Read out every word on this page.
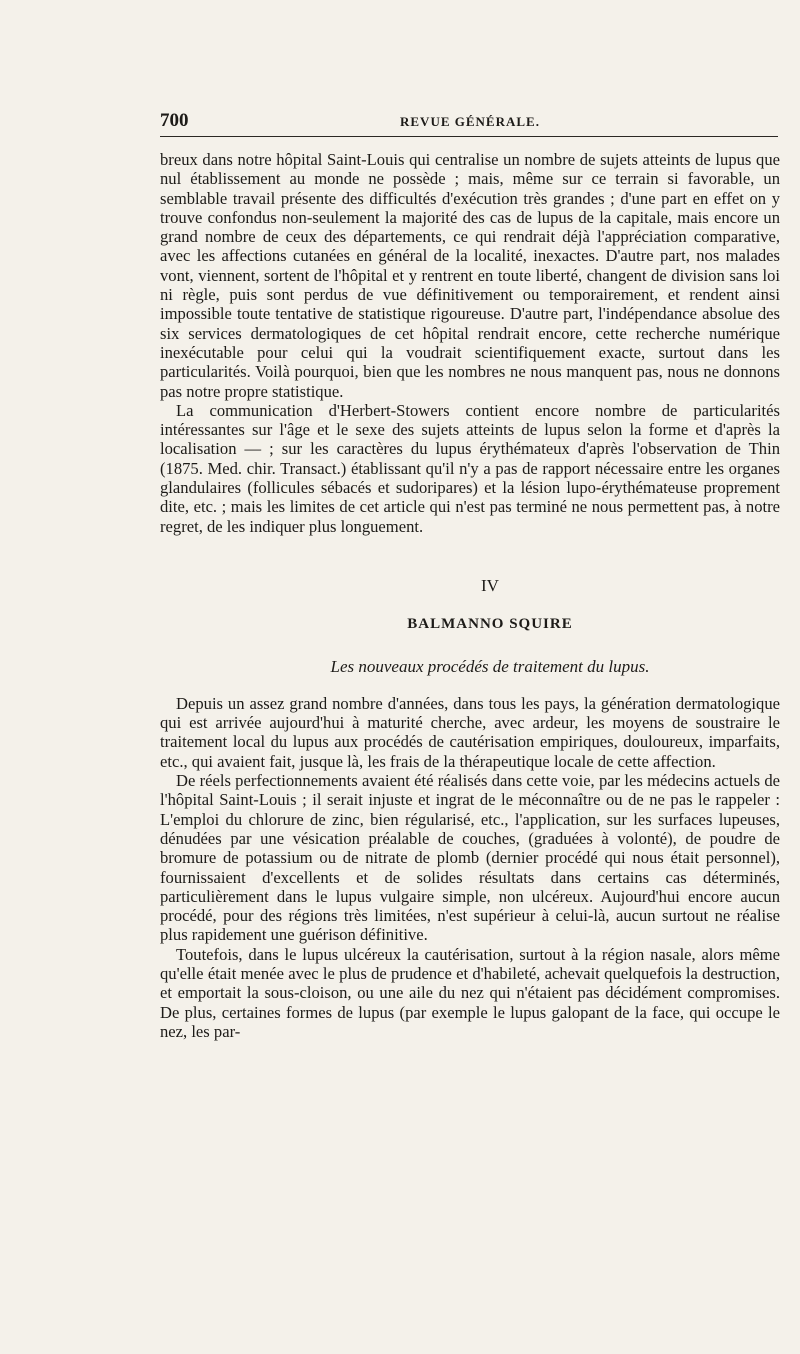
700	REVUE GÉNÉRALE.

breux dans notre hôpital Saint-Louis qui centralise un nombre de sujets atteints de lupus que nul établissement au monde ne possède ; mais, même sur ce terrain si favorable, un semblable travail présente des difficultés d'exécution très grandes ; d'une part en effet on y trouve confondus non-seulement la majorité des cas de lupus de la capitale, mais encore un grand nombre de ceux des départements, ce qui rendrait déjà l'appréciation comparative, avec les affections cutanées en général de la localité, inexactes. D'autre part, nos malades vont, viennent, sortent de l'hôpital et y rentrent en toute liberté, changent de division sans loi ni règle, puis sont perdus de vue définitivement ou temporairement, et rendent ainsi impossible toute tentative de statistique rigoureuse. D'autre part, l'indépendance absolue des six services dermatologiques de cet hôpital rendrait encore, cette recherche numérique inexécutable pour celui qui la voudrait scientifiquement exacte, surtout dans les particularités. Voilà pourquoi, bien que les nombres ne nous manquent pas, nous ne donnons pas notre propre statistique.

La communication d'Herbert-Stowers contient encore nombre de particularités intéressantes sur l'âge et le sexe des sujets atteints de lupus selon la forme et d'après la localisation — ; sur les caractères du lupus érythémateux d'après l'observation de Thin (1875. Med. chir. Transact.) établissant qu'il n'y a pas de rapport nécessaire entre les organes glandulaires (follicules sébacés et sudoripares) et la lésion lupo-érythémateuse proprement dite, etc. ; mais les limites de cet article qui n'est pas terminé ne nous permettent pas, à notre regret, de les indiquer plus longuement.

IV
BALMANNO SQUIRE
Les nouveaux procédés de traitement du lupus.

Depuis un assez grand nombre d'années, dans tous les pays, la génération dermatologique qui est arrivée aujourd'hui à maturité cherche, avec ardeur, les moyens de soustraire le traitement local du lupus aux procédés de cautérisation empiriques, douloureux, imparfaits, etc., qui avaient fait, jusque là, les frais de la thérapeutique locale de cette affection.

De réels perfectionnements avaient été réalisés dans cette voie, par les médecins actuels de l'hôpital Saint-Louis ; il serait injuste et ingrat de le méconnaître ou de ne pas le rappeler : L'emploi du chlorure de zinc, bien régularisé, etc., l'application, sur les surfaces lupeuses, dénudées par une vésication préalable de couches, (graduées à volonté), de poudre de bromure de potassium ou de nitrate de plomb (dernier procédé qui nous était personnel), fournissaient d'excellents et de solides résultats dans certains cas déterminés, particulièrement dans le lupus vulgaire simple, non ulcéreux. Aujourd'hui encore aucun procédé, pour des régions très limitées, n'est supérieur à celui-là, aucun surtout ne réalise plus rapidement une guérison définitive.

Toutefois, dans le lupus ulcéreux la cautérisation, surtout à la région nasale, alors même qu'elle était menée avec le plus de prudence et d'habileté, achevait quelquefois la destruction, et emportait la sous-cloison, ou une aile du nez qui n'étaient pas décidément compromises. De plus, certaines formes de lupus (par exemple le lupus galopant de la face, qui occupe le nez, les par-
